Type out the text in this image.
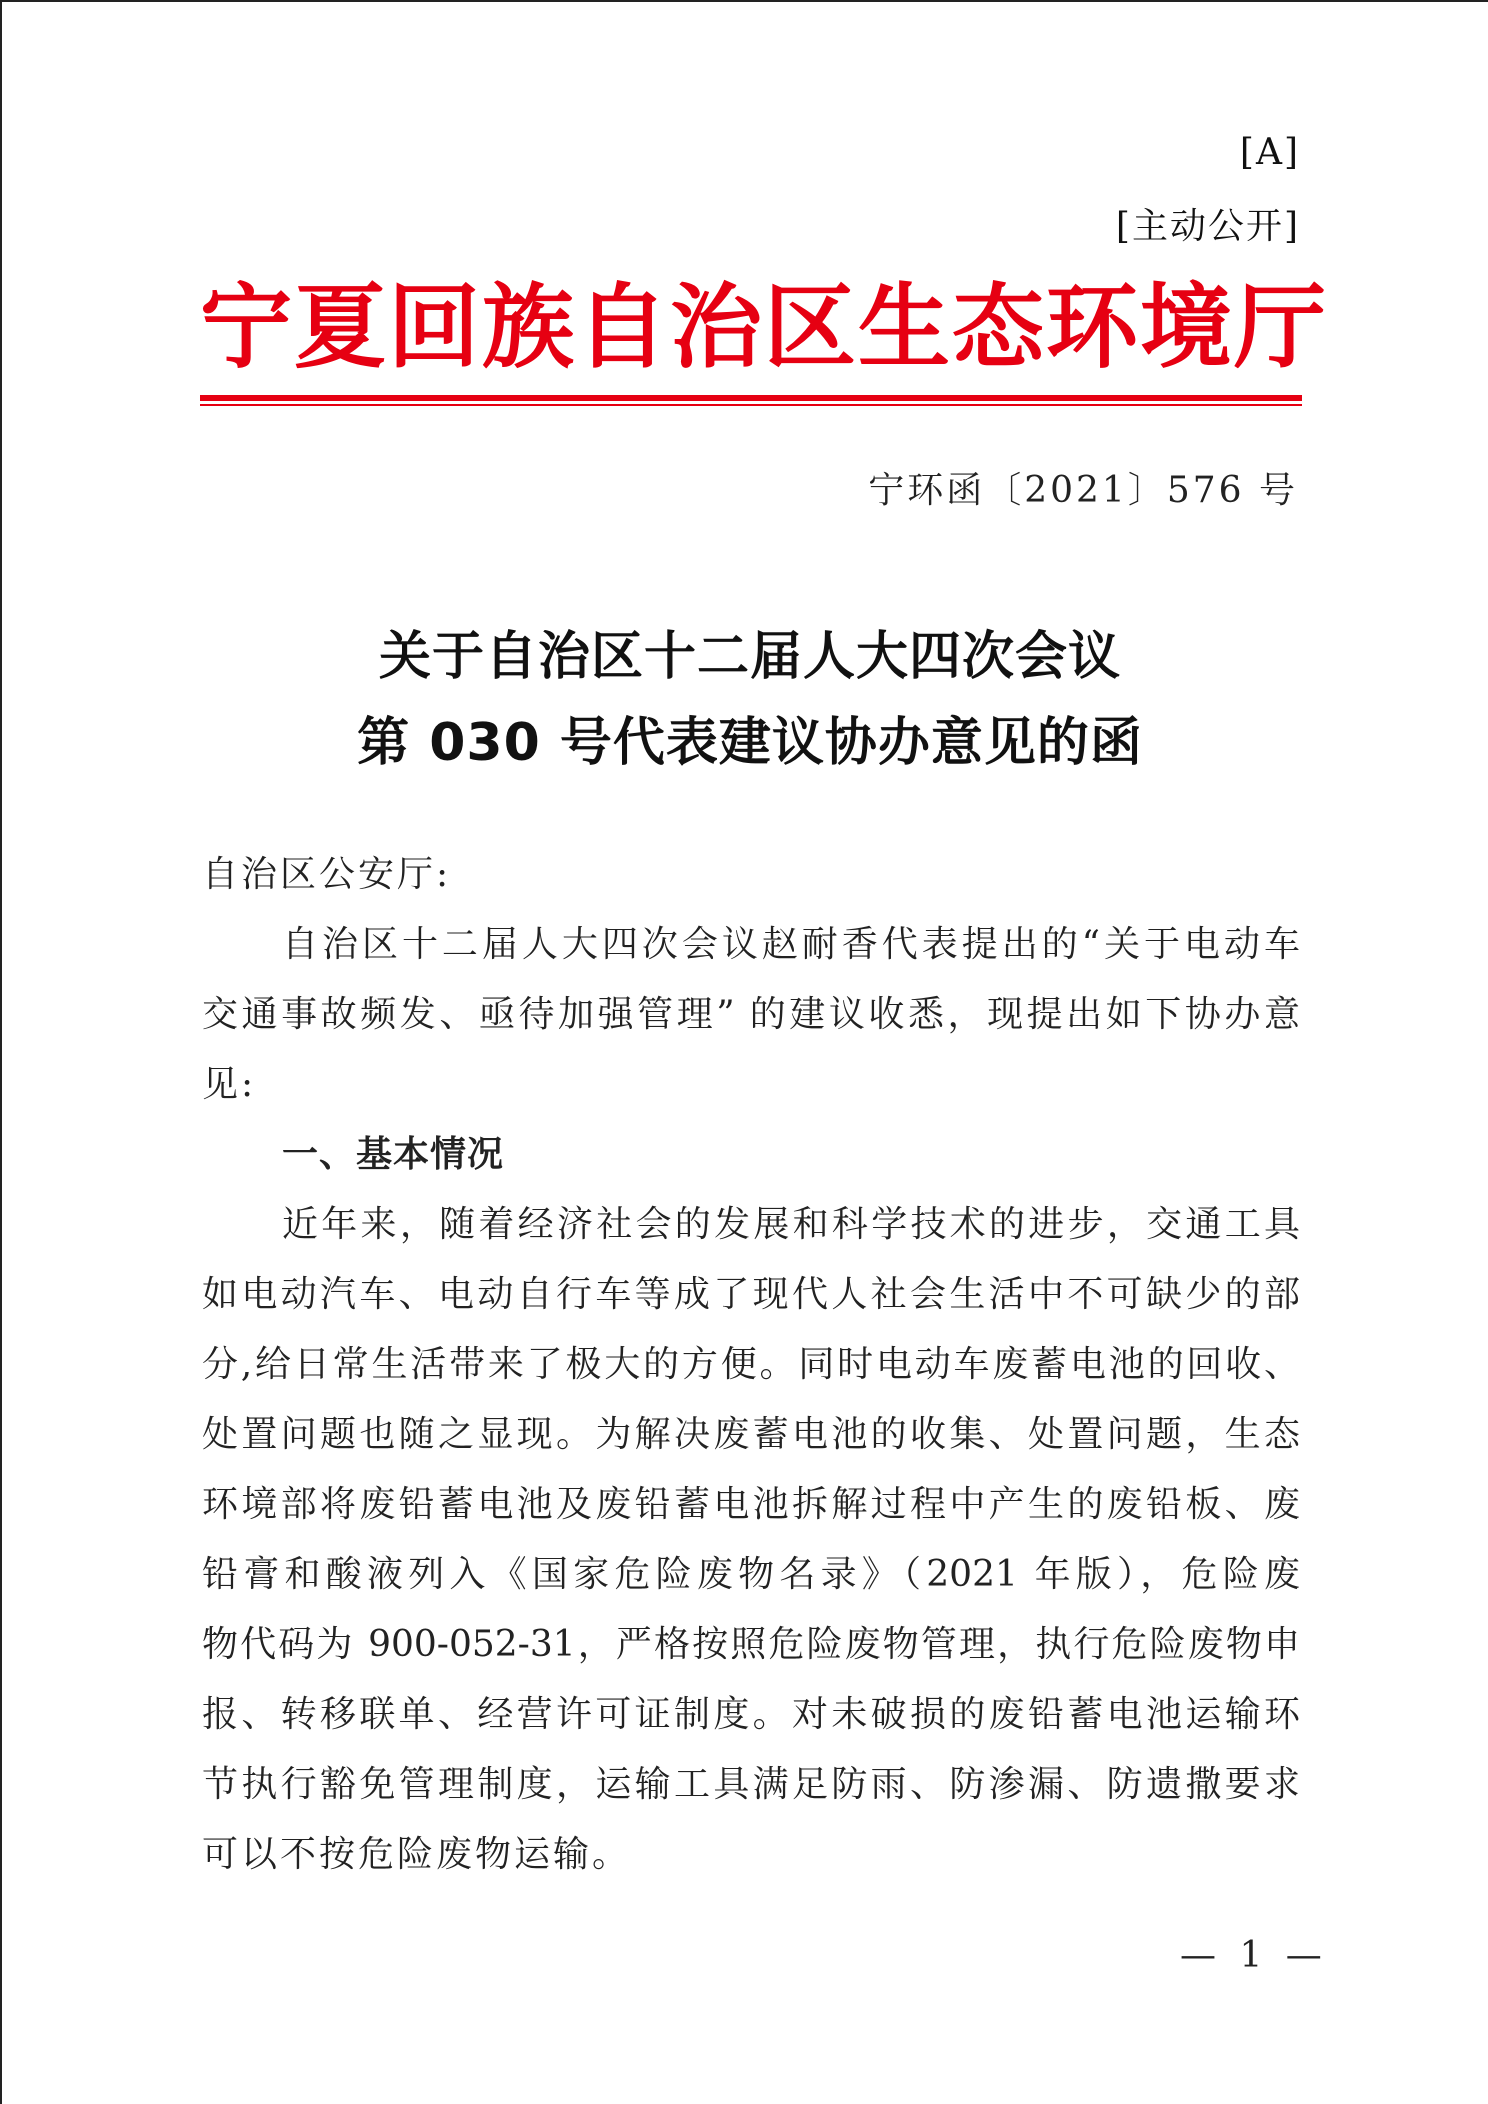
[A]
[主动公开]
宁夏回族自治区生态环境厅
宁环函〔2021〕576 号
关于自治区十二届人大四次会议
第 030 号代表建议协办意见的函
自治区公安厅:
自治区十二届人大四次会议赵耐香代表提出的“关于电动车
交通事故频发、亟待加强管理” 的建议收悉，现提出如下协办意
见:
一、基本情况
近年来，随着经济社会的发展和科学技术的进步，交通工具
如电动汽车、电动自行车等成了现代人社会生活中不可缺少的部
分,给日常生活带来了极大的方便。同时电动车废蓄电池的回收、
处置问题也随之显现。为解决废蓄电池的收集、处置问题，生态
环境部将废铅蓄电池及废铅蓄电池拆解过程中产生的废铅板、废
铅膏和酸液列入《国家危险废物名录》（2021 年版），危险废
物代码为 900-052-31，严格按照危险废物管理，执行危险废物申
报、转移联单、经营许可证制度。对未破损的废铅蓄电池运输环
节执行豁免管理制度，运输工具满足防雨、防渗漏、防遗撒要求
可以不按危险废物运输。
— 1 —
